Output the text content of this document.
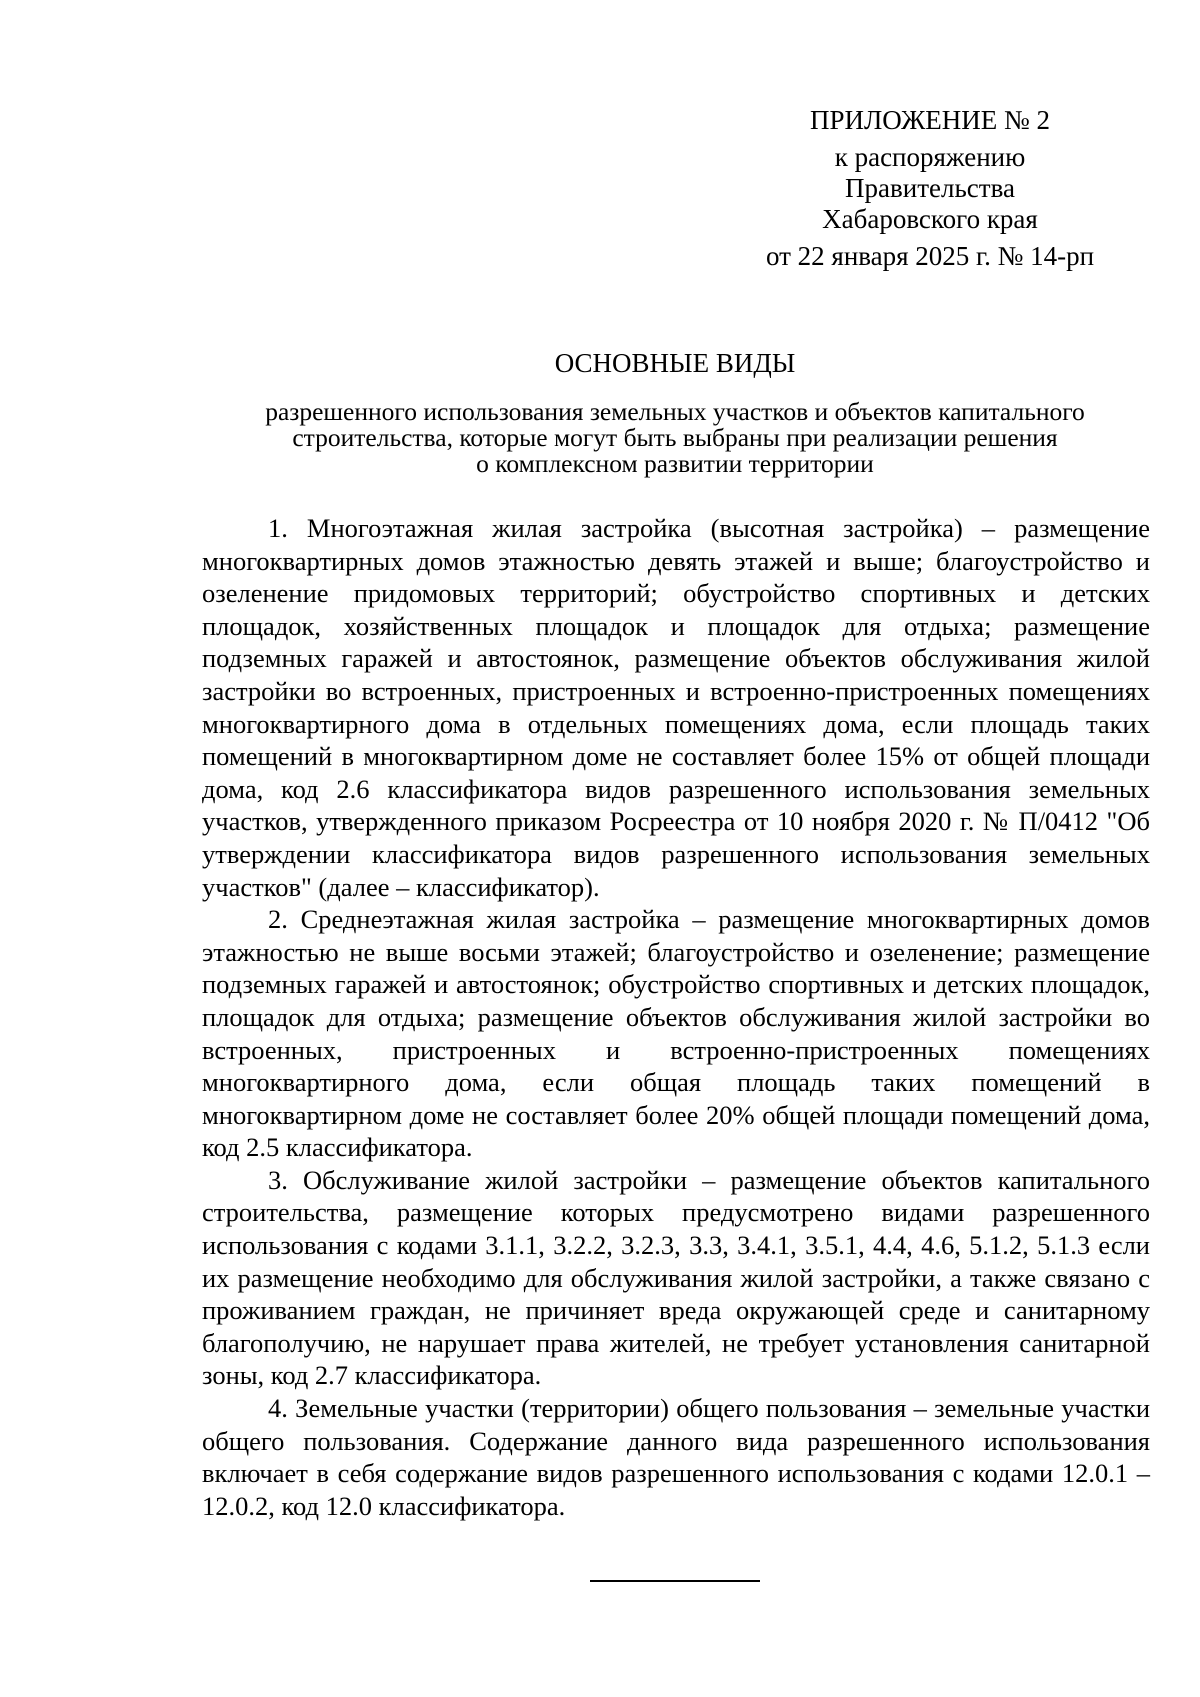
ПРИЛОЖЕНИЕ № 2
к распоряжению
Правительства
Хабаровского края
от 22 января 2025 г. № 14-рп
ОСНОВНЫЕ ВИДЫ
разрешенного использования земельных участков и объектов капитального
строительства, которые могут быть выбраны при реализации решения
о комплексном развитии территории

1. Многоэтажная жилая застройка (высотная застройка) – размещение многоквартирных домов этажностью девять этажей и выше; благоустройство и озеленение придомовых территорий; обустройство спортивных и детских площадок, хозяйственных площадок и площадок для отдыха; размещение подземных гаражей и автостоянок, размещение объектов обслуживания жилой застройки во встроенных, пристроенных и встроенно-пристроенных помещениях многоквартирного дома в отдельных помещениях дома, если площадь таких помещений в многоквартирном доме не составляет более 15% от общей площади дома, код 2.6 классификатора видов разрешенного использования земельных участков, утвержденного приказом Росреестра от 10 ноября 2020 г. № П/0412 "Об утверждении классификатора видов разрешенного использования земельных участков" (далее – классификатор).

2. Среднеэтажная жилая застройка – размещение многоквартирных домов этажностью не выше восьми этажей; благоустройство и озеленение; размещение подземных гаражей и автостоянок; обустройство спортивных и детских площадок, площадок для отдыха; размещение объектов обслуживания жилой застройки во встроенных, пристроенных и встроенно-пристроенных помещениях многоквартирного дома, если общая площадь таких помещений в многоквартирном доме не составляет более 20% общей площади помещений дома, код 2.5 классификатора.

3. Обслуживание жилой застройки – размещение объектов капитального строительства, размещение которых предусмотрено видами разрешенного использования с кодами 3.1.1, 3.2.2, 3.2.3, 3.3, 3.4.1, 3.5.1, 4.4, 4.6, 5.1.2, 5.1.3 если их размещение необходимо для обслуживания жилой застройки, а также связано с проживанием граждан, не причиняет вреда окружающей среде и санитарному благополучию, не нарушает права жителей, не требует установления санитарной зоны, код 2.7 классификатора.

4. Земельные участки (территории) общего пользования – земельные участки общего пользования. Содержание данного вида разрешенного использования включает в себя содержание видов разрешенного использования с кодами 12.0.1 – 12.0.2, код 12.0 классификатора.
